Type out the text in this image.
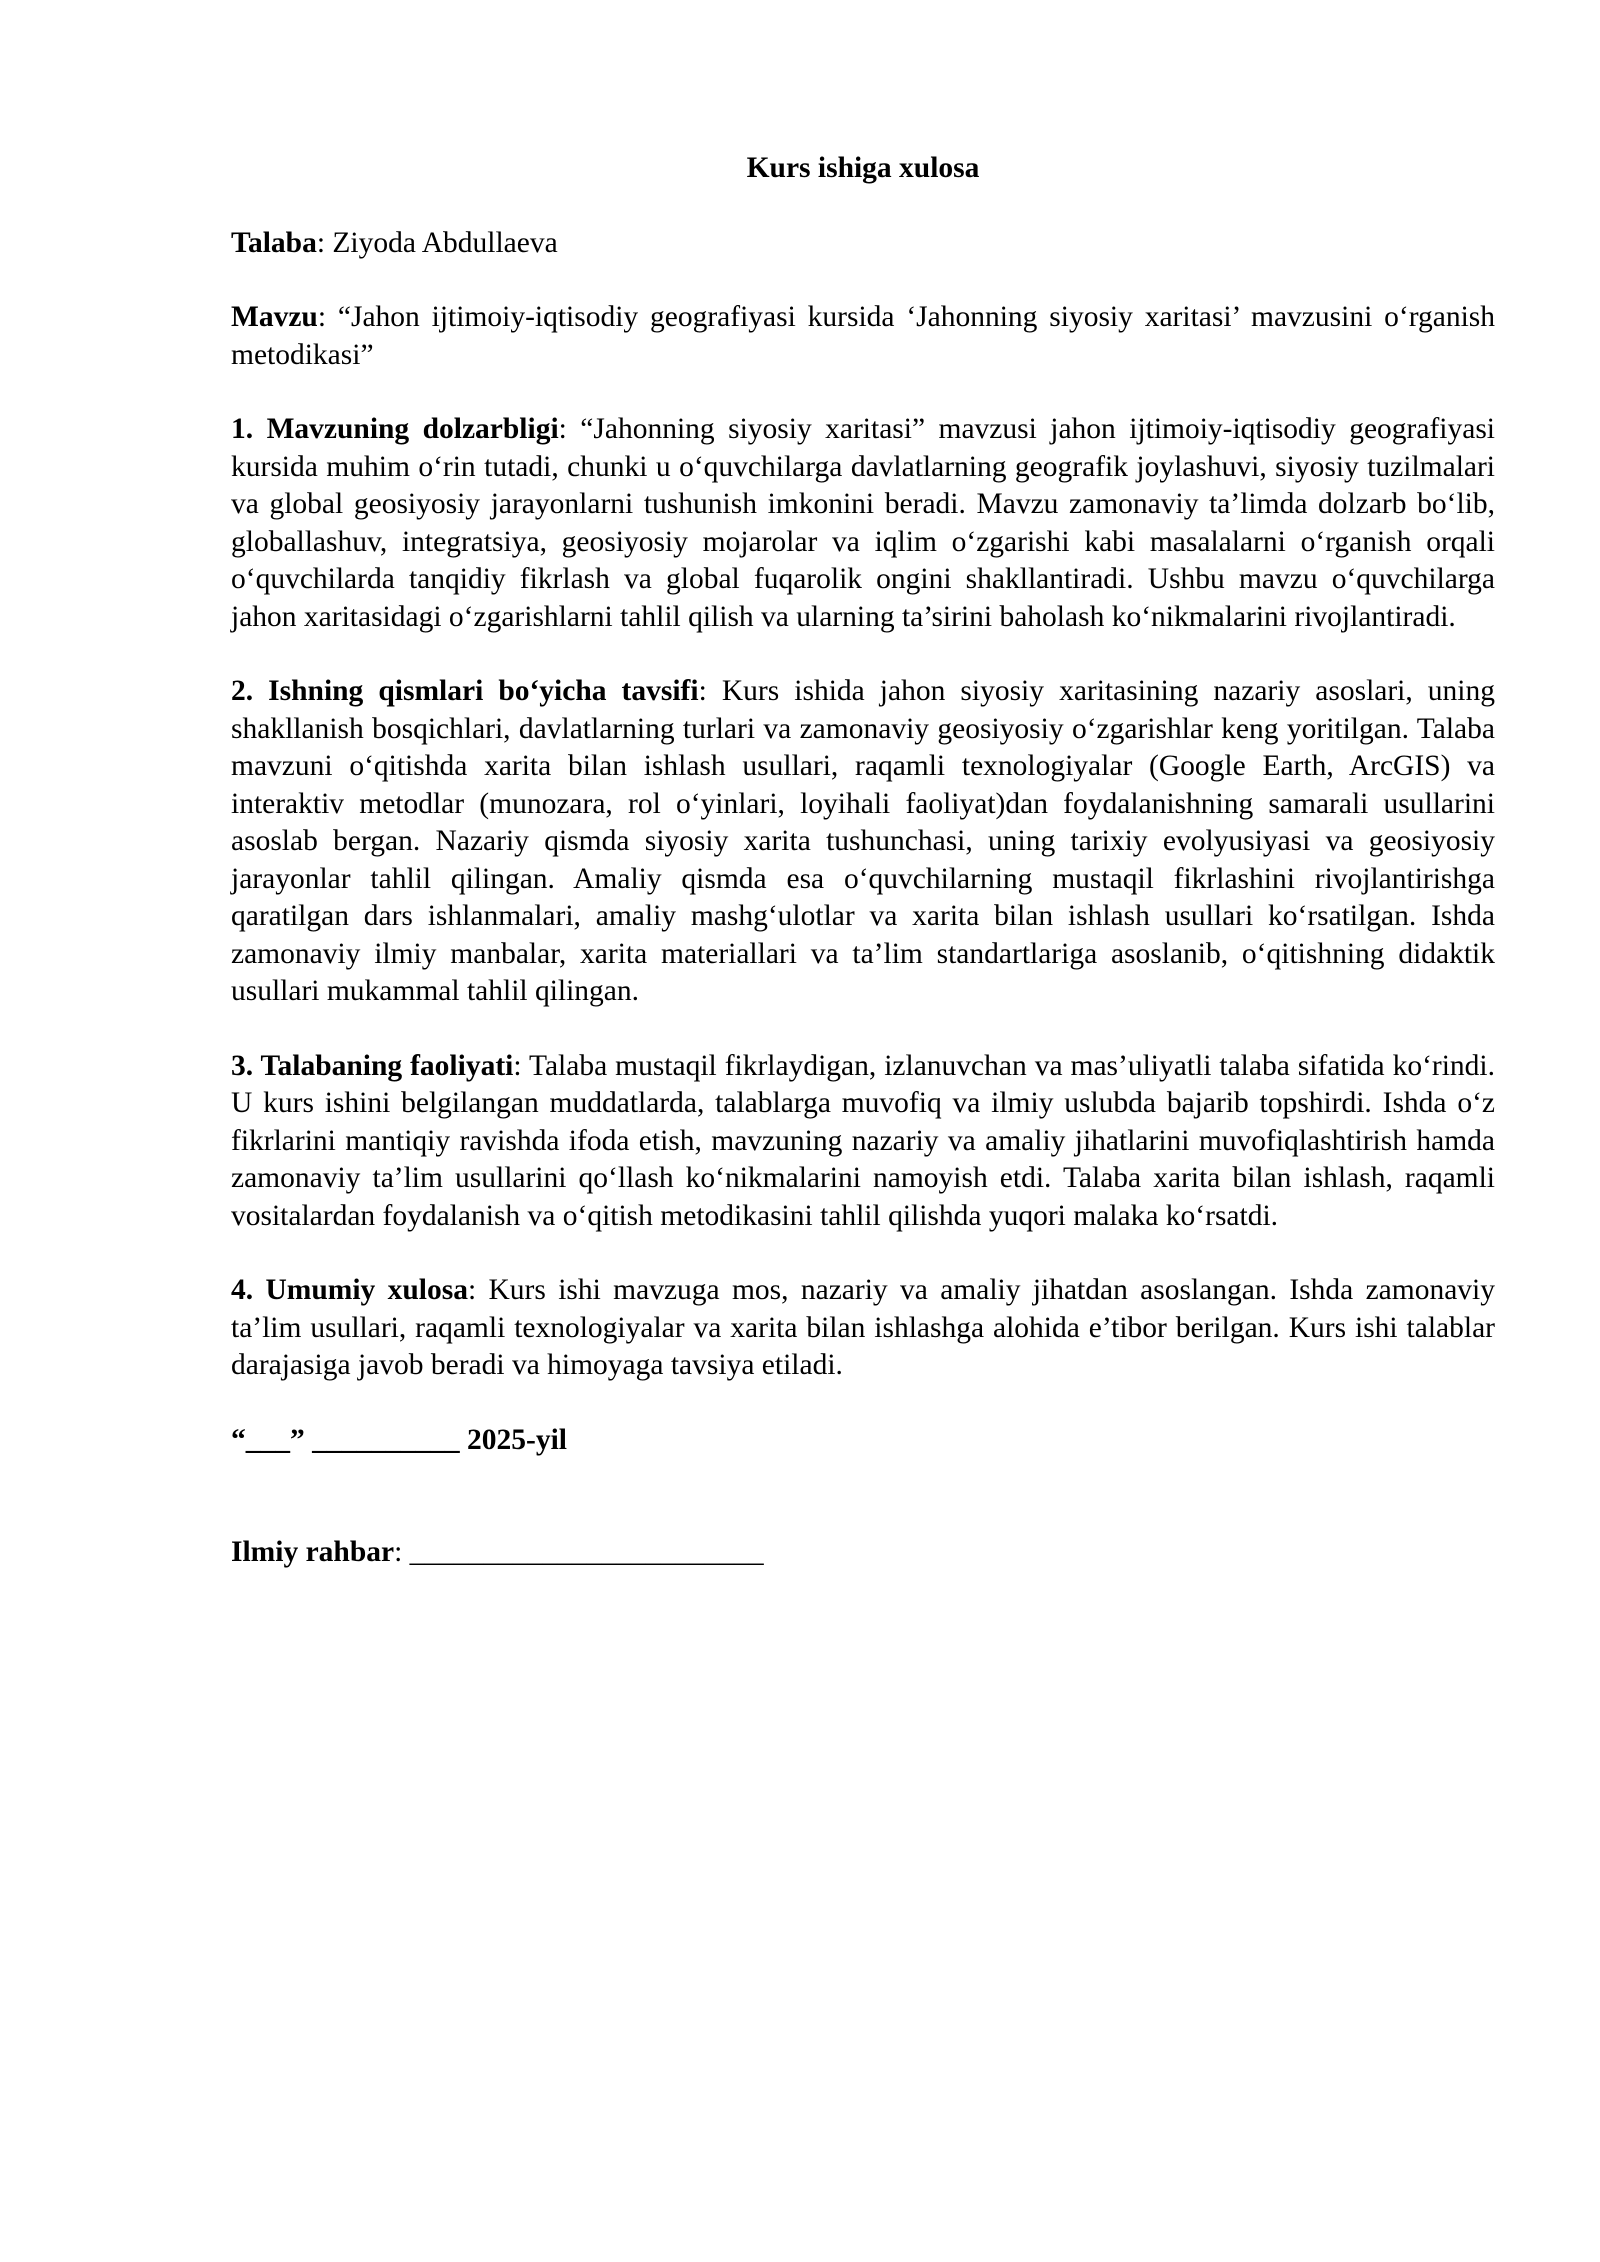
Kurs ishiga xulosa
Talaba: Ziyoda Abdullaeva
Mavzu: “Jahon ijtimoiy-iqtisodiy geografiyasi kursida ‘Jahonning siyosiy xaritasi’ mavzusini o‘rganish metodikasi”
1. Mavzuning dolzarbligi: “Jahonning siyosiy xaritasi” mavzusi jahon ijtimoiy-iqtisodiy geografiyasi kursida muhim o‘rin tutadi, chunki u o‘quvchilarga davlatlarning geografik joylashuvi, siyosiy tuzilmalari va global geosiyosiy jarayonlarni tushunish imkonini beradi. Mavzu zamonaviy ta’limda dolzarb bo‘lib, globallashuv, integratsiya, geosiyosiy mojarolar va iqlim o‘zgarishi kabi masalalarni o‘rganish orqali o‘quvchilarda tanqidiy fikrlash va global fuqarolik ongini shakllantiradi. Ushbu mavzu o‘quvchilarga jahon xaritasidagi o‘zgarishlarni tahlil qilish va ularning ta’sirini baholash ko‘nikmalarini rivojlantiradi.
2. Ishning qismlari bo‘yicha tavsifi: Kurs ishida jahon siyosiy xaritasining nazariy asoslari, uning shakllanish bosqichlari, davlatlarning turlari va zamonaviy geosiyosiy o‘zgarishlar keng yoritilgan. Talaba mavzuni o‘qitishda xarita bilan ishlash usullari, raqamli texnologiyalar (Google Earth, ArcGIS) va interaktiv metodlar (munozara, rol o‘yinlari, loyihali faoliyat)dan foydalanishning samarali usullarini asoslab bergan. Nazariy qismda siyosiy xarita tushunchasi, uning tarixiy evolyusiyasi va geosiyosiy jarayonlar tahlil qilingan. Amaliy qismda esa o‘quvchilarning mustaqil fikrlashini rivojlantirishga qaratilgan dars ishlanmalari, amaliy mashg‘ulotlar va xarita bilan ishlash usullari ko‘rsatilgan. Ishda zamonaviy ilmiy manbalar, xarita materiallari va ta’lim standartlariga asoslanib, o‘qitishning didaktik usullari mukammal tahlil qilingan.
3. Talabaning faoliyati: Talaba mustaqil fikrlaydigan, izlanuvchan va mas’uliyatli talaba sifatida ko‘rindi. U kurs ishini belgilangan muddatlarda, talablarga muvofiq va ilmiy uslubda bajarib topshirdi. Ishda o‘z fikrlarini mantiqiy ravishda ifoda etish, mavzuning nazariy va amaliy jihatlarini muvofiqlashtirish hamda zamonaviy ta’lim usullarini qo‘llash ko‘nikmalarini namoyish etdi. Talaba xarita bilan ishlash, raqamli vositalardan foydalanish va o‘qitish metodikasini tahlil qilishda yuqori malaka ko‘rsatdi.
4. Umumiy xulosa: Kurs ishi mavzuga mos, nazariy va amaliy jihatdan asoslangan. Ishda zamonaviy ta’lim usullari, raqamli texnologiyalar va xarita bilan ishlashga alohida e’tibor berilgan. Kurs ishi talablar darajasiga javob beradi va himoyaga tavsiya etiladi.
“___” __________ 2025-yil
Ilmiy rahbar: ________________________
